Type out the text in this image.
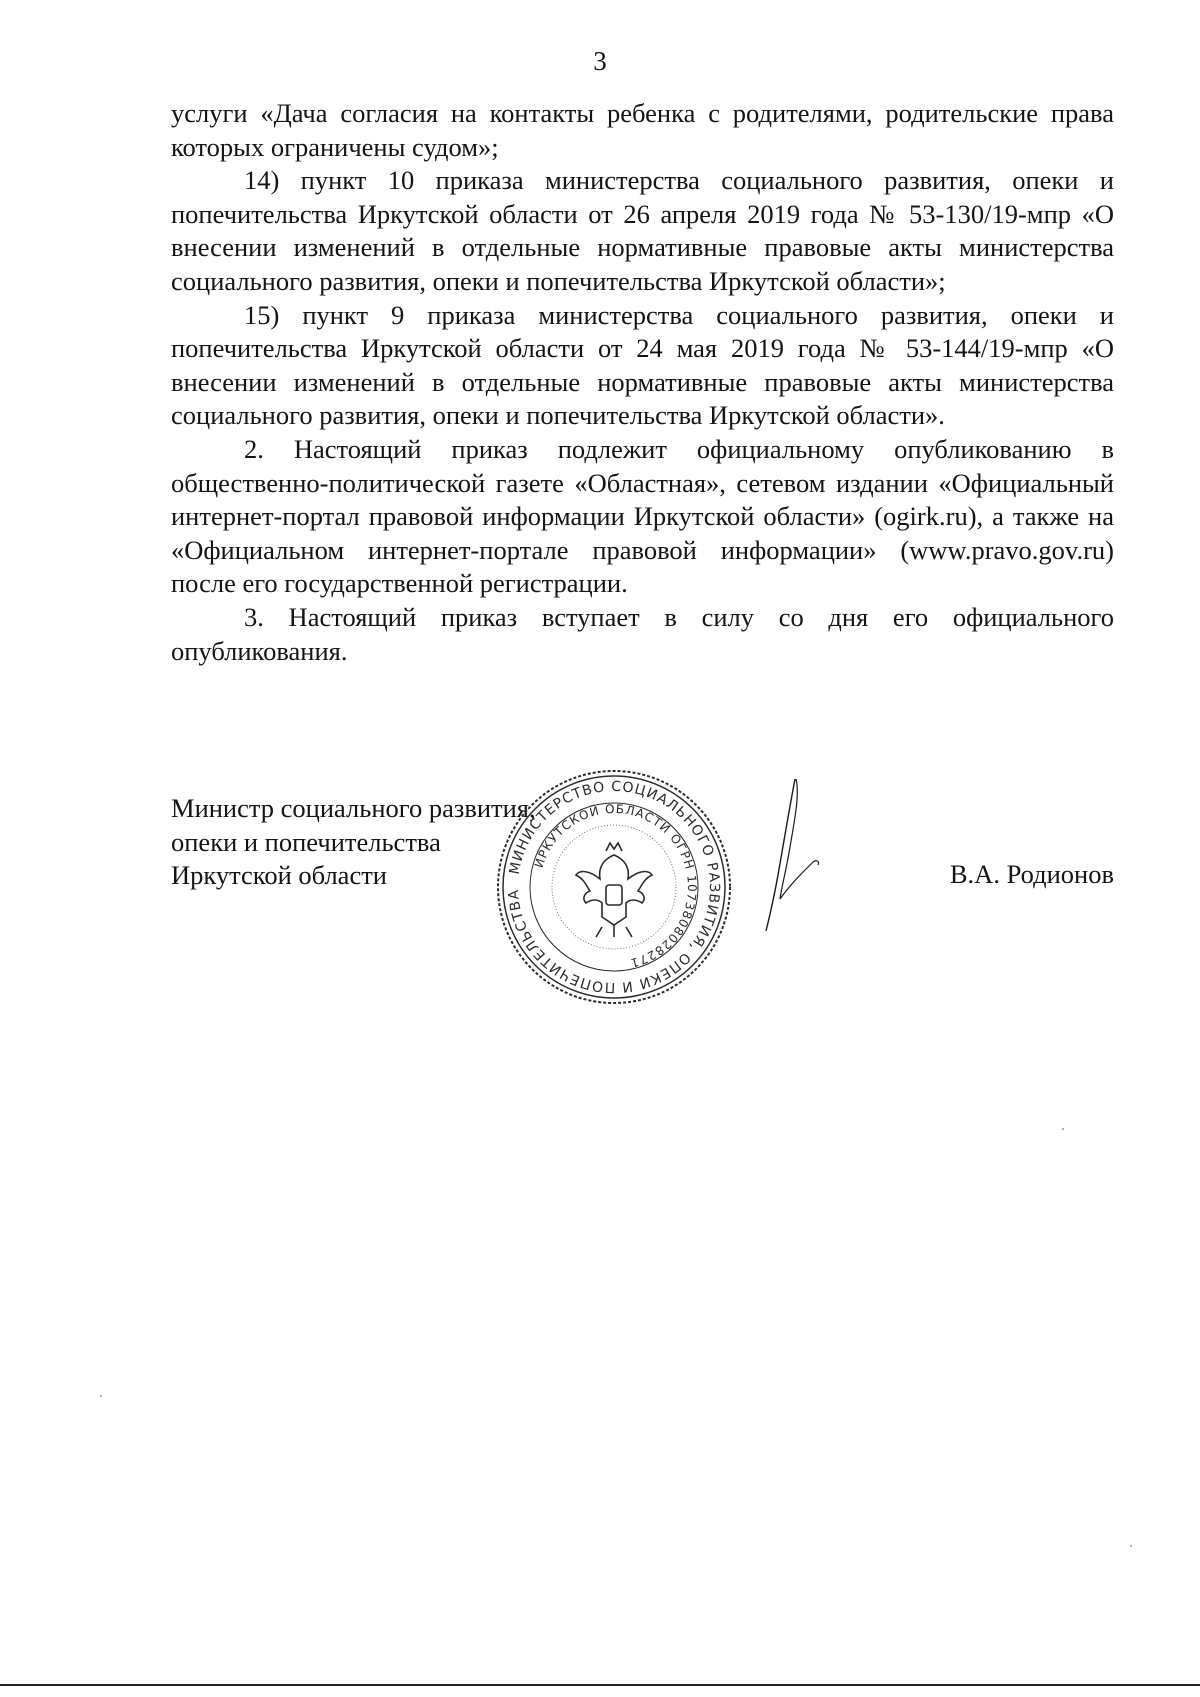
3

услуги «Дача согласия на контакты ребенка с родителями, родительские права которых ограничены судом»;

14) пункт 10 приказа министерства социального развития, опеки и попечительства Иркутской области от 26 апреля 2019 года № 53-130/19-мпр «О внесении изменений в отдельные нормативные правовые акты министерства социального развития, опеки и попечительства Иркутской области»;

15) пункт 9 приказа министерства социального развития, опеки и попечительства Иркутской области от 24 мая 2019 года № 53-144/19-мпр «О внесении изменений в отдельные нормативные правовые акты министерства социального развития, опеки и попечительства Иркутской области».

2. Настоящий приказ подлежит официальному опубликованию в общественно-политической газете «Областная», сетевом издании «Официальный интернет-портал правовой информации Иркутской области» (ogirk.ru), а также на «Официальном интернет-портале правовой информации» (www.pravo.gov.ru) после его государственной регистрации.

3. Настоящий приказ вступает в силу со дня его официального опубликования.

Министр социального развития,
опеки и попечительства
Иркутской области	МИНИСТЕРСТВО СОЦИАЛЬНОГО РАЗВИТИЯ, ОПЕКИ И ПОПЕЧИТЕЛЬСТВА
ИРКУТСКОЙ ОБЛАСТИ ОГРН 1073808028271
В.А. Родионов
